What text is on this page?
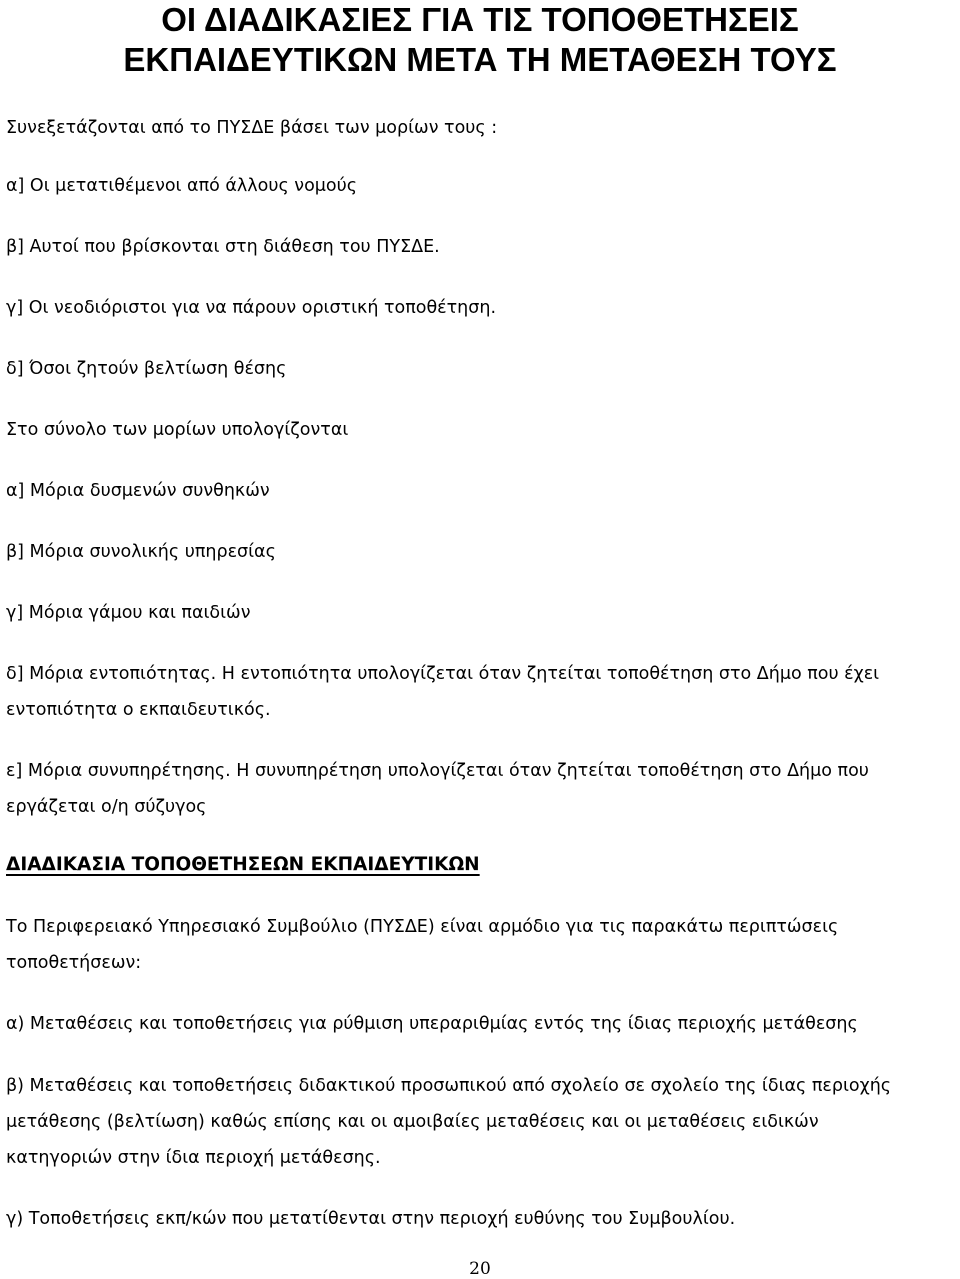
ΟΙ ΔΙΑΔΙΚΑΣΙΕΣ ΓΙΑ ΤΙΣ ΤΟΠΟΘΕΤΗΣΕΙΣ
ΕΚΠΑΙΔΕΥΤΙΚΩΝ ΜΕΤΑ ΤΗ ΜΕΤΑΘΕΣΗ ΤΟΥΣ

Συνεξετάζονται από το ΠΥΣΔΕ βάσει των μορίων τους :

α] Οι μετατιθέμενοι από άλλους νομούς

β] Αυτοί που βρίσκονται στη διάθεση του ΠΥΣΔΕ.

γ] Οι νεοδιόριστοι για να πάρουν οριστική τοποθέτηση.

δ] Όσοι ζητούν βελτίωση θέσης

Στο σύνολο των μορίων υπολογίζονται

α] Μόρια δυσμενών συνθηκών

β] Μόρια συνολικής υπηρεσίας

γ] Μόρια γάμου και παιδιών

δ] Μόρια εντοπιότητας. Η εντοπιότητα υπολογίζεται όταν ζητείται τοποθέτηση στο Δήμο που έχει

εντοπιότητα ο εκπαιδευτικός.

ε] Μόρια συνυπηρέτησης. Η συνυπηρέτηση υπολογίζεται όταν ζητείται τοποθέτηση στο Δήμο που

εργάζεται ο/η σύζυγος

ΔΙΑΔΙΚΑΣΙΑ ΤΟΠΟΘΕΤΗΣΕΩΝ ΕΚΠΑΙΔΕΥΤΙΚΩΝ

Το Περιφερειακό Υπηρεσιακό Συμβούλιο (ΠΥΣΔΕ) είναι αρμόδιο για τις παρακάτω περιπτώσεις

τοποθετήσεων:

α) Μεταθέσεις και τοποθετήσεις για ρύθμιση υπεραριθμίας εντός της ίδιας περιοχής μετάθεσης

β) Μεταθέσεις και τοποθετήσεις διδακτικού προσωπικού από σχολείο σε σχολείο της ίδιας περιοχής

μετάθεσης (βελτίωση) καθώς επίσης και οι αμοιβαίες μεταθέσεις και οι μεταθέσεις ειδικών

κατηγοριών στην ίδια περιοχή μετάθεσης.

γ) Τοποθετήσεις εκπ/κών που μετατίθενται στην περιοχή ευθύνης του Συμβουλίου.

20
